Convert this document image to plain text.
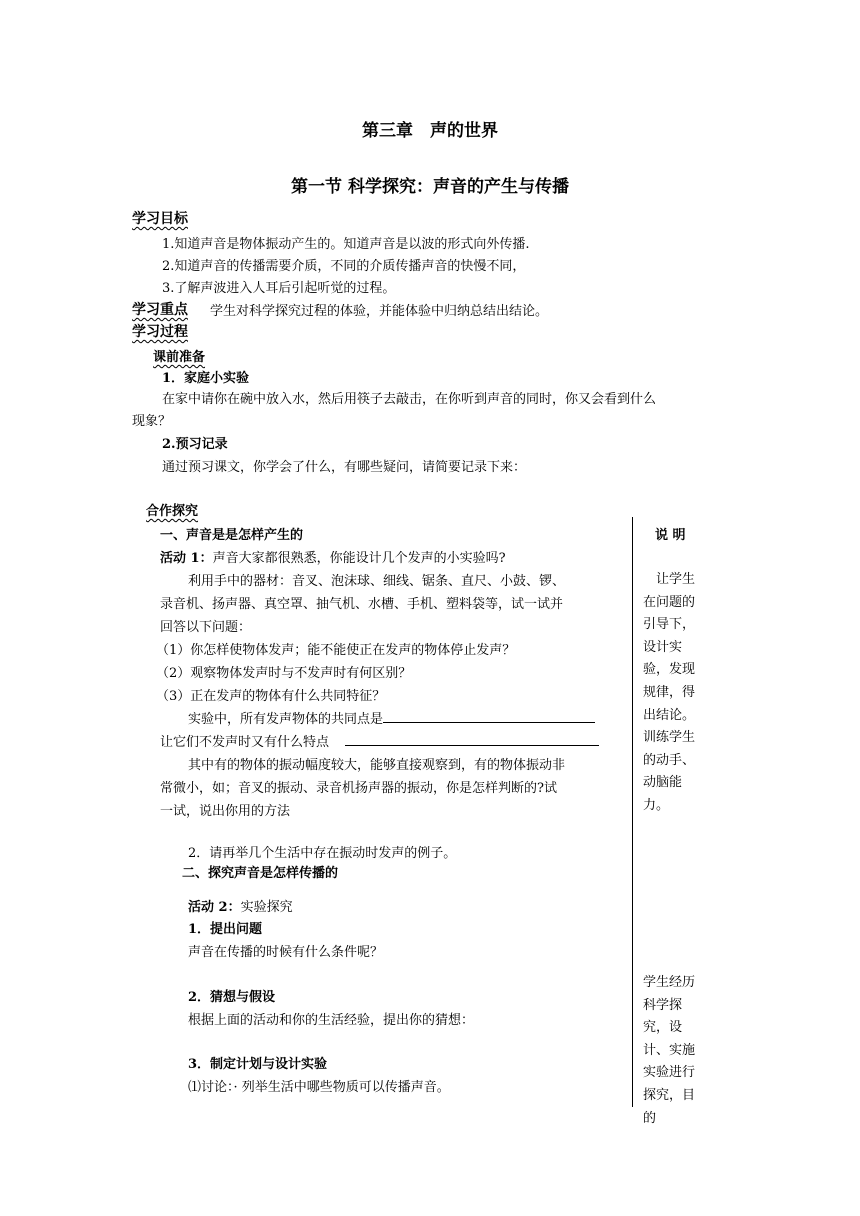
第三章　声的世界
第一节 科学探究：声音的产生与传播
学习目标
1.知道声音是物体振动产生的。知道声音是以波的形式向外传播.
2.知道声音的传播需要介质，不同的介质传播声音的快慢不同，
3.了解声波进入人耳后引起听觉的过程。
学习重点 学生对科学探究过程的体验，并能体验中归纳总结出结论。
学习过程
课前准备
1．家庭小实验
在家中请你在碗中放入水，然后用筷子去敲击，在你听到声音的同时，你又会看到什么
现象？
2.预习记录
通过预习课文，你学会了什么，有哪些疑问，请简要记录下来：
合作探究
说 明
一、声音是是怎样产生的
活动 1：声音大家都很熟悉，你能设计几个发声的小实验吗?
利用手中的器材：音叉、泡沫球、细线、锯条、直尺、小鼓、锣、
录音机、扬声器、真空罩、抽气机、水槽、手机、塑料袋等，试一试并
回答以下问题：
（1）你怎样使物体发声；能不能使正在发声的物体停止发声？
（2）观察物体发声时与不发声时有何区别？
（3）正在发声的物体有什么共同特征？
实验中，所有发声物体的共同点是
让它们不发声时又有什么特点
其中有的物体的振动幅度较大，能够直接观察到，有的物体振动非
常微小，如；音叉的振动、录音机扬声器的振动，你是怎样判断的?试
一试，说出你用的方法
2．请再举几个生活中存在振动时发声的例子。
二、探究声音是怎样传播的
活动 2：实验探究
1．提出问题
声音在传播的时候有什么条件呢？
2．猜想与假设
根据上面的活动和你的生活经验，提出你的猜想：
3．制定计划与设计实验
⑴讨论：· 列举生活中哪些物质可以传播声音。
让学生在问题的引导下，设计实验，发现规律，得出结论。训练学生的动手、动脑能力。
学生经历科学探究，设计、实施实验进行探究，目的
